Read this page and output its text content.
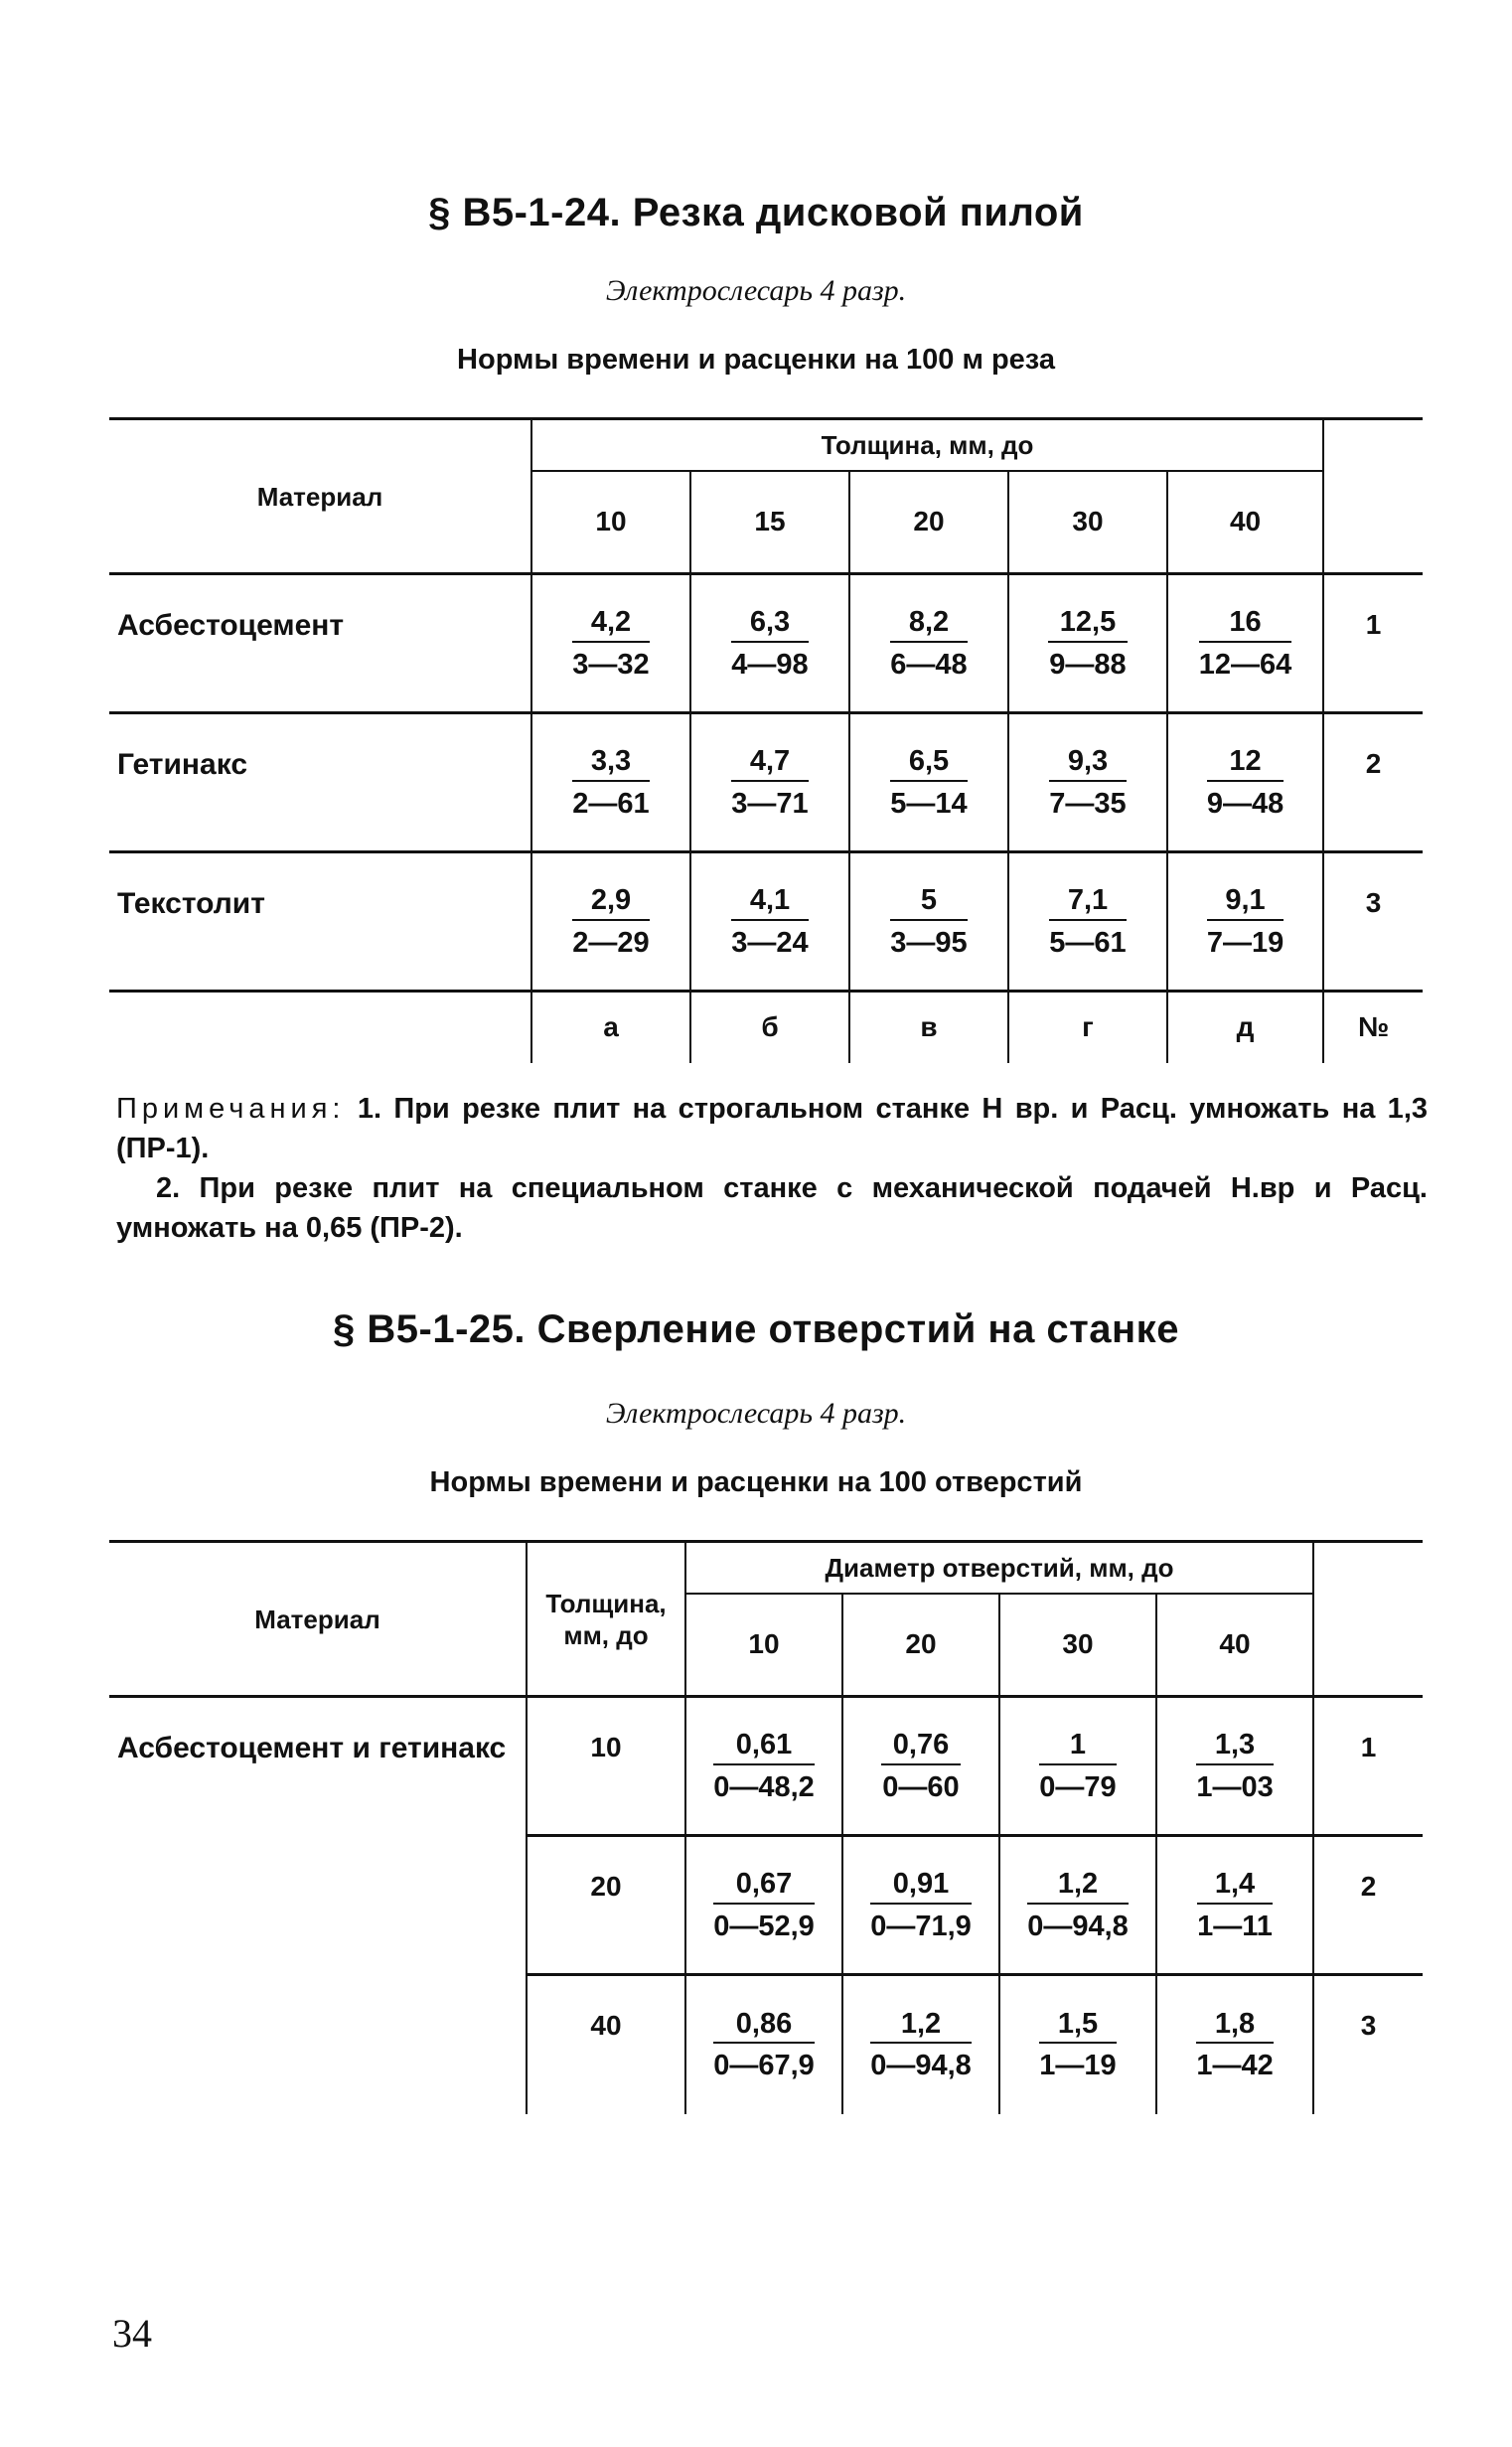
§ В5-1-24. Резка дисковой пилой
Электрослесарь 4 разр.
Нормы времени и расценки на 100 м реза
Материал	Толщина, мм, до					
	10	15	20	30	40	
Асбестоцемент	$\frac{4,2}{3—32}$	$\frac{6,3}{4—98}$	$\frac{8,2}{6—48}$	$\frac{12,5}{9—88}$	$\frac{16}{12—64}$	1
Гетинакс	$\frac{3,3}{2—61}$	$\frac{4,7}{3—71}$	$\frac{6,5}{5—14}$	$\frac{9,3}{7—35}$	$\frac{12}{9—48}$	2
Текстолит	$\frac{2,9}{2—29}$	$\frac{4,1}{3—24}$	$\frac{5}{3—95}$	$\frac{7,1}{5—61}$	$\frac{9,1}{7—19}$	3
	а	б	в	г	д	№

Примечания: 1. При резке плит на строгальном станке Н вр. и Расц. умножать на 1,3 (ПР-1).

2. При резке плит на специальном станке с механической подачей Н.вр и Расц. умножать на 0,65 (ПР-2).

§ В5-1-25. Сверление отверстий на станке
Электрослесарь 4 разр.
Нормы времени и расценки на 100 отверстий
Материал	Толщина, мм, до	Диаметр отверстий, мм, до				
		10	20	30	40	
Асбестоцемент и гетинакс	10	$\frac{0,61}{0—48,2}$	$\frac{0,76}{0—60}$	$\frac{1}{0—79}$	$\frac{1,3}{1—03}$	1
	20	$\frac{0,67}{0—52,9}$	$\frac{0,91}{0—71,9}$	$\frac{1,2}{0—94,8}$	$\frac{1,4}{1—11}$	2
	40	$\frac{0,86}{0—67,9}$	$\frac{1,2}{0—94,8}$	$\frac{1,5}{1—19}$	$\frac{1,8}{1—42}$	3
34
